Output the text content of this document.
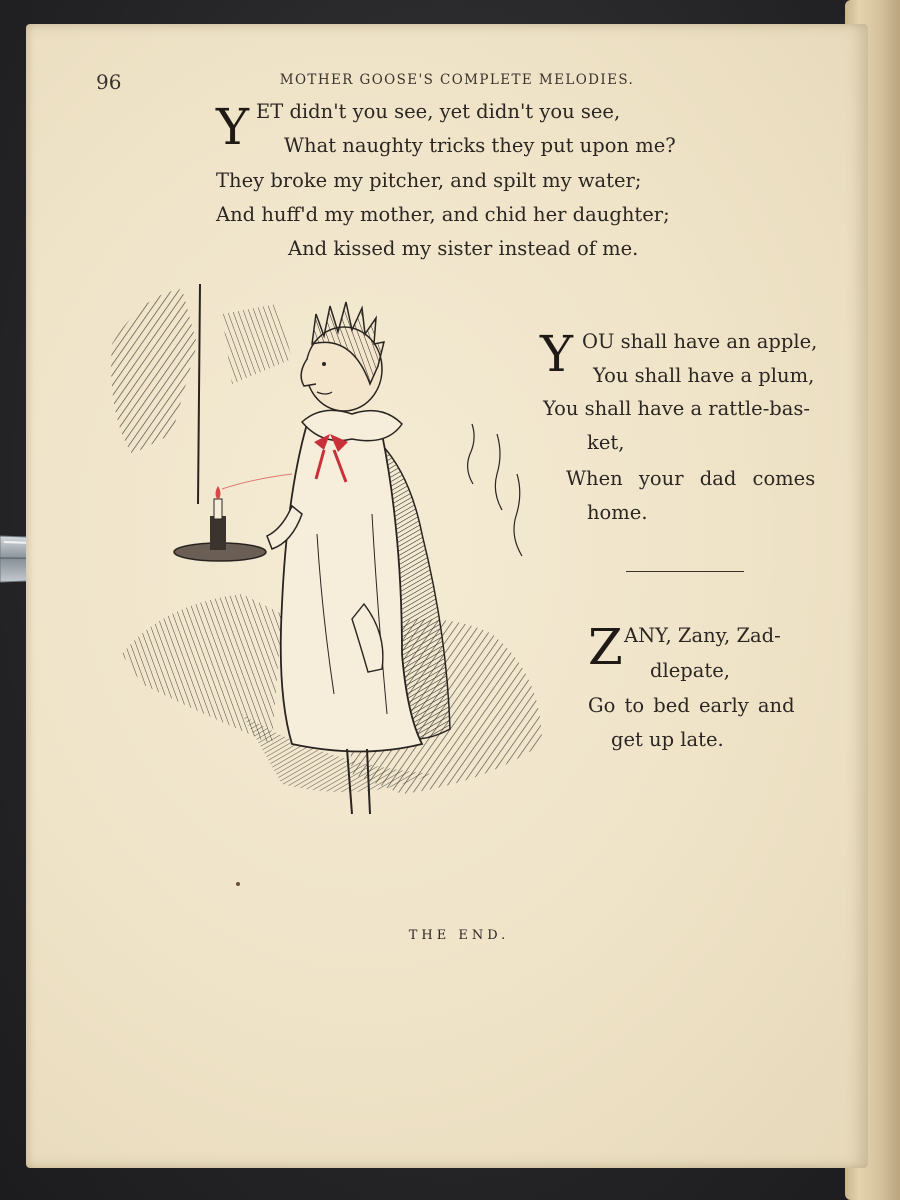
96	MOTHER GOOSE'S COMPLETE MELODIES.
Y ET didn't you see, yet didn't you see,
What naughty tricks they put upon me?
They broke my pitcher, and spilt my water;
And huff'd my mother, and chid her daughter;
And kissed my sister instead of me.
Y OU shall have an apple,
You shall have a plum,
You shall have a rattle-bas-
ket,
When your dad comes
home.
Z ANY, Zany, Zad-
dlepate,
Go to bed early and
get up late.
THE END.
